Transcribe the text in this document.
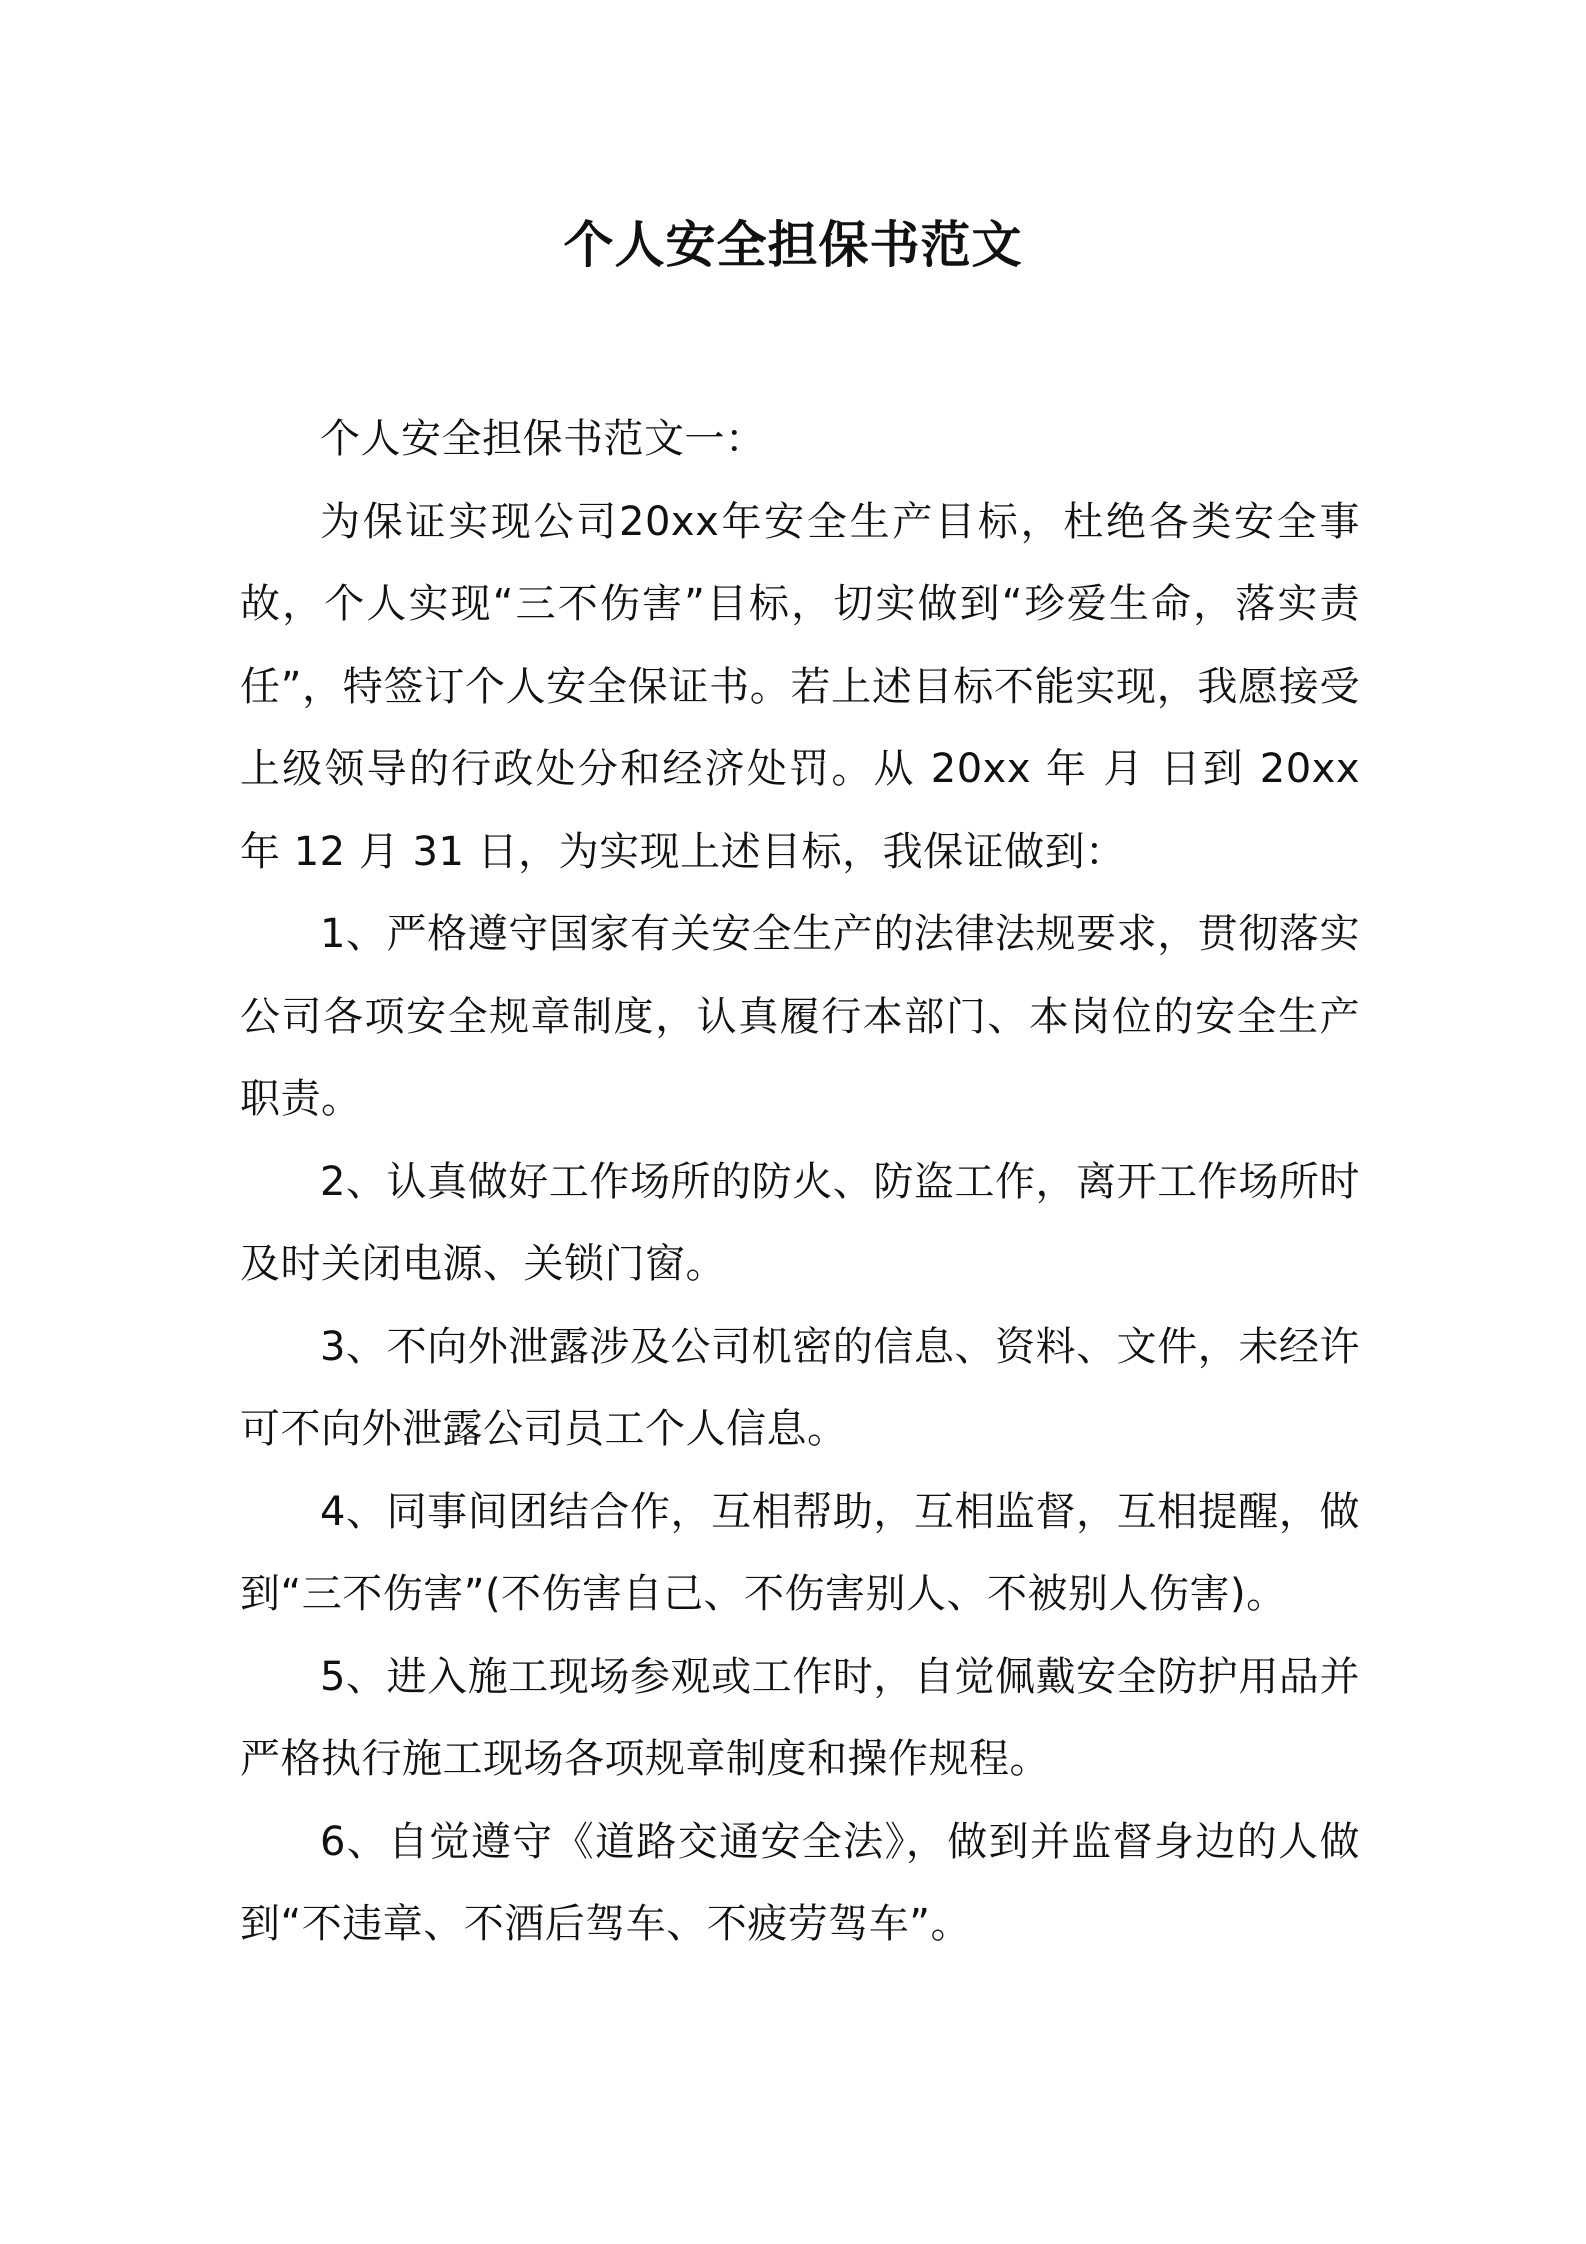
个人安全担保书范文

个人安全担保书范文一：

为保证实现公司20xx年安全生产目标，杜绝各类安全事故，个人实现“三不伤害”目标，切实做到“珍爱生命，落实责任”，特签订个人安全保证书。若上述目标不能实现，我愿接受上级领导的行政处分和经济处罚。从 20xx 年 月 日到 20xx 年 12 月 31 日，为实现上述目标，我保证做到：

1、严格遵守国家有关安全生产的法律法规要求，贯彻落实公司各项安全规章制度，认真履行本部门、本岗位的安全生产职责。

2、认真做好工作场所的防火、防盗工作，离开工作场所时及时关闭电源、关锁门窗。

3、不向外泄露涉及公司机密的信息、资料、文件，未经许可不向外泄露公司员工个人信息。

4、同事间团结合作，互相帮助，互相监督，互相提醒，做到“三不伤害”(不伤害自己、不伤害别人、不被别人伤害)。

5、进入施工现场参观或工作时，自觉佩戴安全防护用品并严格执行施工现场各项规章制度和操作规程。

6、自觉遵守《道路交通安全法》，做到并监督身边的人做到“不违章、不酒后驾车、不疲劳驾车”。
